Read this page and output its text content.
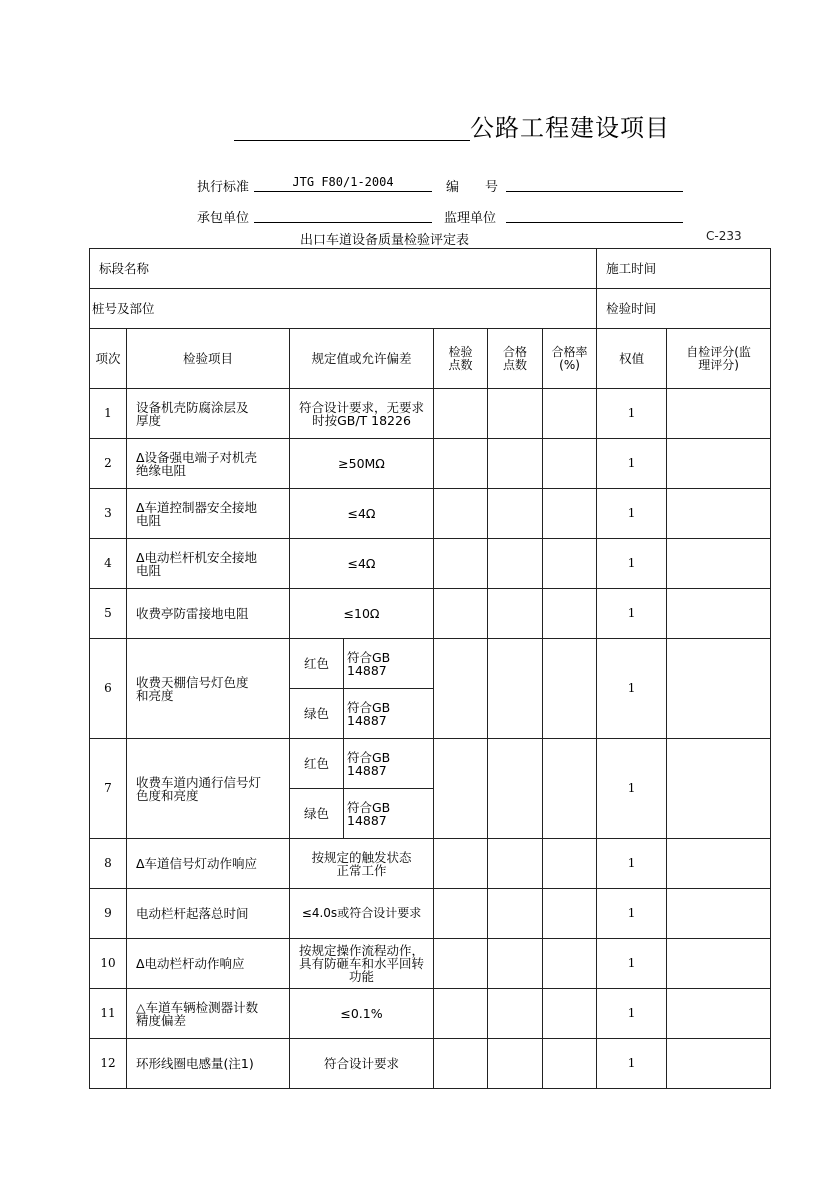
公路工程建设项目
执行标准	JTG F80/1-2004	编　　号
承包单位	监理单位
出口车道设备质量检验评定表	C-233
标段名称							施工时间	
桩号及部位							检验时间	
项次	检验项目	规定值或允许偏差		检验点数	合格点数	合格率(%)	权值	自检评分(监理评分)
1	设备机壳防腐涂层及厚度	符合设计要求，无要求时按GB/T 18226					1	
2	Δ设备强电端子对机壳绝缘电阻	≥50MΩ					1	
3	Δ车道控制器安全接地电阻	≤4Ω					1	
4	Δ电动栏杆机安全接地电阻	≤4Ω					1	
5	收费亭防雷接地电阻	≤10Ω					1	
6	收费天棚信号灯色度和亮度	红色	符合GB 14887				1	
		绿色	符合GB 14887					
7	收费车道内通行信号灯色度和亮度	红色	符合GB 14887				1	
		绿色	符合GB 14887					
8	Δ车道信号灯动作响应	按规定的触发状态正常工作					1	
9	电动栏杆起落总时间	≤4.0s或符合设计要求					1	
10	Δ电动栏杆动作响应	按规定操作流程动作，具有防砸车和水平回转功能					1	
11	△车道车辆检测器计数精度偏差	≤0.1%					1	
12	环形线圈电感量(注1)	符合设计要求					1	
